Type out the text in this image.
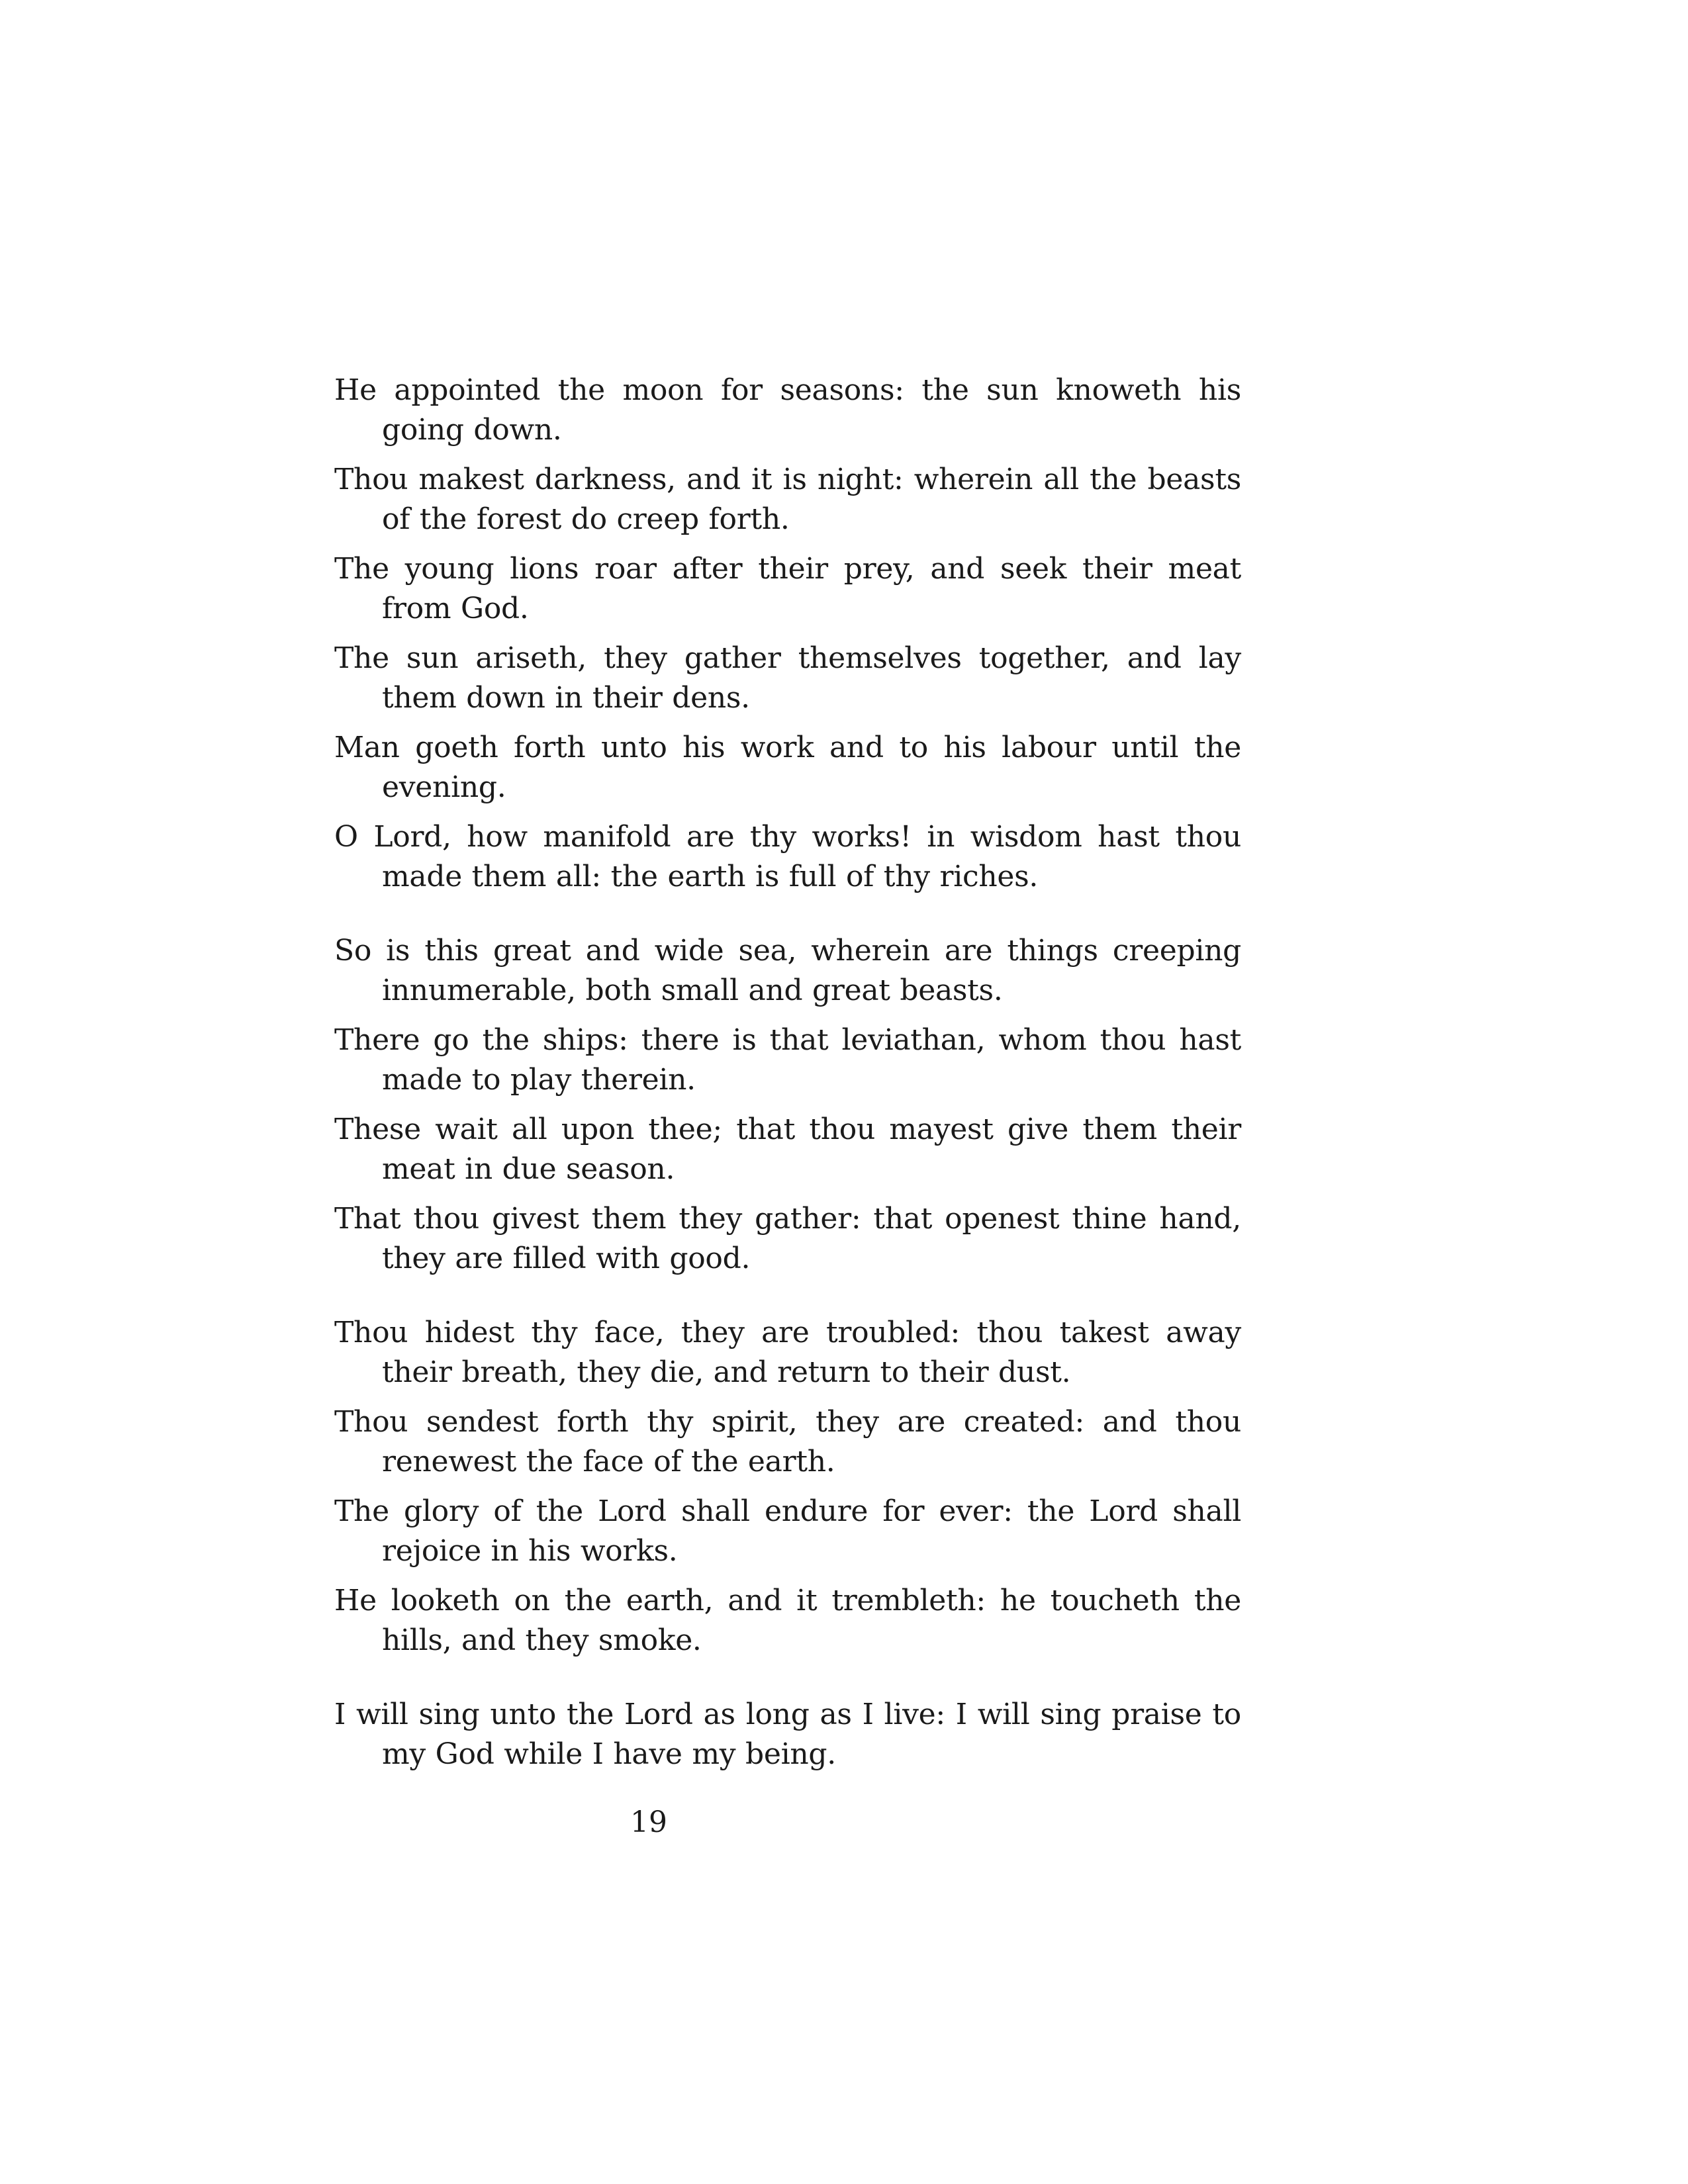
He appointed the moon for seasons: the sun knoweth his going down.

Thou makest darkness, and it is night: wherein all the beasts of the forest do creep forth.

The young lions roar after their prey, and seek their meat from God.

The sun ariseth, they gather themselves together, and lay them down in their dens.

Man goeth forth unto his work and to his labour until the evening.

O Lord, how manifold are thy works! in wisdom hast thou made them all: the earth is full of thy riches.

So is this great and wide sea, wherein are things creeping innumerable, both small and great beasts.

There go the ships: there is that leviathan, whom thou hast made to play therein.

These wait all upon thee; that thou mayest give them their meat in due season.

That thou givest them they gather: that openest thine hand, they are filled with good.

Thou hidest thy face, they are troubled: thou takest away their breath, they die, and return to their dust.

Thou sendest forth thy spirit, they are created: and thou renewest the face of the earth.

The glory of the Lord shall endure for ever: the Lord shall rejoice in his works.

He looketh on the earth, and it trembleth: he toucheth the hills, and they smoke.

I will sing unto the Lord as long as I live: I will sing praise to my God while I have my being.

19
